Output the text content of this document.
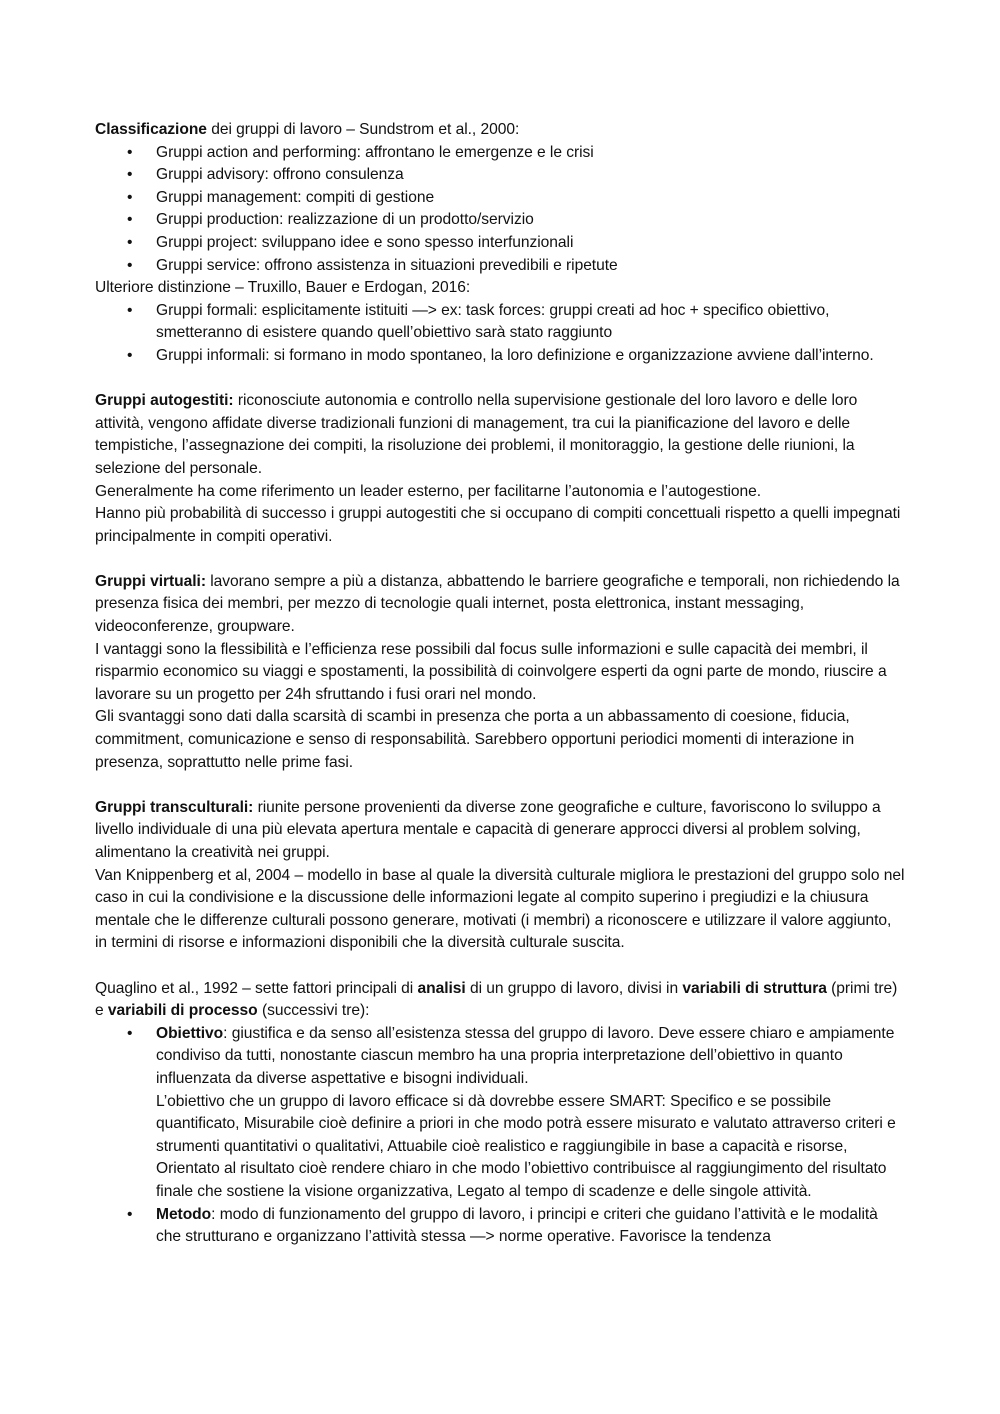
Classificazione dei gruppi di lavoro – Sundstrom et al., 2000:

• Gruppi action and performing: affrontano le emergenze e le crisi
• Gruppi advisory: offrono consulenza
• Gruppi management: compiti di gestione
• Gruppi production: realizzazione di un prodotto/servizio
• Gruppi project: sviluppano idee e sono spesso interfunzionali
• Gruppi service: offrono assistenza in situazioni prevedibili e ripetute

Ulteriore distinzione – Truxillo, Bauer e Erdogan, 2016:

• Gruppi formali: esplicitamente istituiti —> ex: task forces: gruppi creati ad hoc + specifico obiettivo, smetteranno di esistere quando quell’obiettivo sarà stato raggiunto
• Gruppi informali: si formano in modo spontaneo, la loro definizione e organizzazione avviene dall’interno.

Gruppi autogestiti: riconosciute autonomia e controllo nella supervisione gestionale del loro lavoro e delle loro attività, vengono affidate diverse tradizionali funzioni di management, tra cui la pianificazione del lavoro e delle tempistiche, l’assegnazione dei compiti, la risoluzione dei problemi, il monitoraggio, la gestione delle riunioni, la selezione del personale.

Generalmente ha come riferimento un leader esterno, per facilitarne l’autonomia e l’autogestione.

Hanno più probabilità di successo i gruppi autogestiti che si occupano di compiti concettuali rispetto a quelli impegnati principalmente in compiti operativi.

Gruppi virtuali: lavorano sempre a più a distanza, abbattendo le barriere geografiche e temporali, non richiedendo la presenza fisica dei membri, per mezzo di tecnologie quali internet, posta elettronica, instant messaging, videoconferenze, groupware.

I vantaggi sono la flessibilità e l’efficienza rese possibili dal focus sulle informazioni e sulle capacità dei membri, il risparmio economico su viaggi e spostamenti, la possibilità di coinvolgere esperti da ogni parte de mondo, riuscire a lavorare su un progetto per 24h sfruttando i fusi orari nel mondo.

Gli svantaggi sono dati dalla scarsità di scambi in presenza che porta a un abbassamento di coesione, fiducia, commitment, comunicazione e senso di responsabilità. Sarebbero opportuni periodici momenti di interazione in presenza, soprattutto nelle prime fasi.

Gruppi transculturali: riunite persone provenienti da diverse zone geografiche e culture, favoriscono lo sviluppo a livello individuale di una più elevata apertura mentale e capacità di generare approcci diversi al problem solving, alimentano la creatività nei gruppi.

Van Knippenberg et al, 2004 – modello in base al quale la diversità culturale migliora le prestazioni del gruppo solo nel caso in cui la condivisione e la discussione delle informazioni legate al compito superino i pregiudizi e la chiusura mentale che le differenze culturali possono generare, motivati (i membri) a riconoscere e utilizzare il valore aggiunto, in termini di risorse e informazioni disponibili che la diversità culturale suscita.

Quaglino et al., 1992 – sette fattori principali di analisi di un gruppo di lavoro, divisi in variabili di struttura (primi tre) e variabili di processo (successivi tre):

• Obiettivo: giustifica e da senso all’esistenza stessa del gruppo di lavoro. Deve essere chiaro e ampiamente condiviso da tutti, nonostante ciascun membro ha una propria interpretazione dell’obiettivo in quanto influenzata da diverse aspettative e bisogni individuali.
L’obiettivo che un gruppo di lavoro efficace si dà dovrebbe essere SMART: Specifico e se possibile quantificato, Misurabile cioè definire a priori in che modo potrà essere misurato e valutato attraverso criteri e strumenti quantitativi o qualitativi, Attuabile cioè realistico e raggiungibile in base a capacità e risorse, Orientato al risultato cioè rendere chiaro in che modo l’obiettivo contribuisce al raggiungimento del risultato finale che sostiene la visione organizzativa, Legato al tempo di scadenze e delle singole attività.
• Metodo: modo di funzionamento del gruppo di lavoro, i principi e criteri che guidano l’attività e le modalità che strutturano e organizzano l’attività stessa —> norme operative. Favorisce la tendenza
